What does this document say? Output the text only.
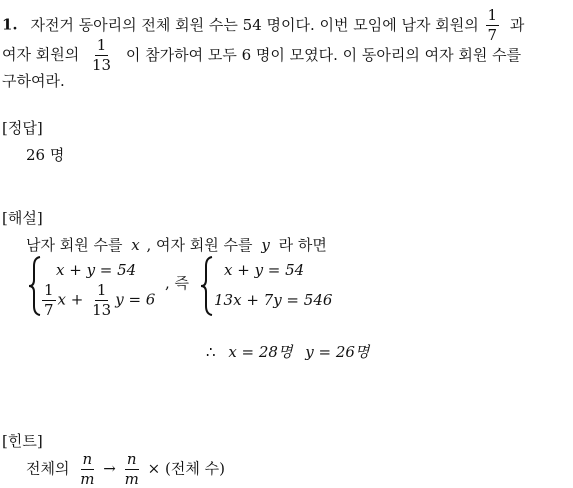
1. 자전거 동아리의 전체 회원 수는 54 명이다. 이번 모임에 남자 회원의 $\frac{1}{7}$ 과
여자 회원의 $\frac{1}{13}$ 이 참가하여 모두 6 명이 모였다. 이 동아리의 여자 회원 수를
구하여라.
[정답]
26 명
[해설]
남자 회원 수를 x , 여자 회원 수를 y 라 하면
x + y = 54
$\frac{1}{7}$ $x + \frac{1}{13}$ y = 6
, 즉
x + y = 54
13x + 7y = 546
∴ x = 28명 y = 26명
[힌트]
전체의 $\frac{n}{m} \to \frac{n}{m}$ × (전체 수)
